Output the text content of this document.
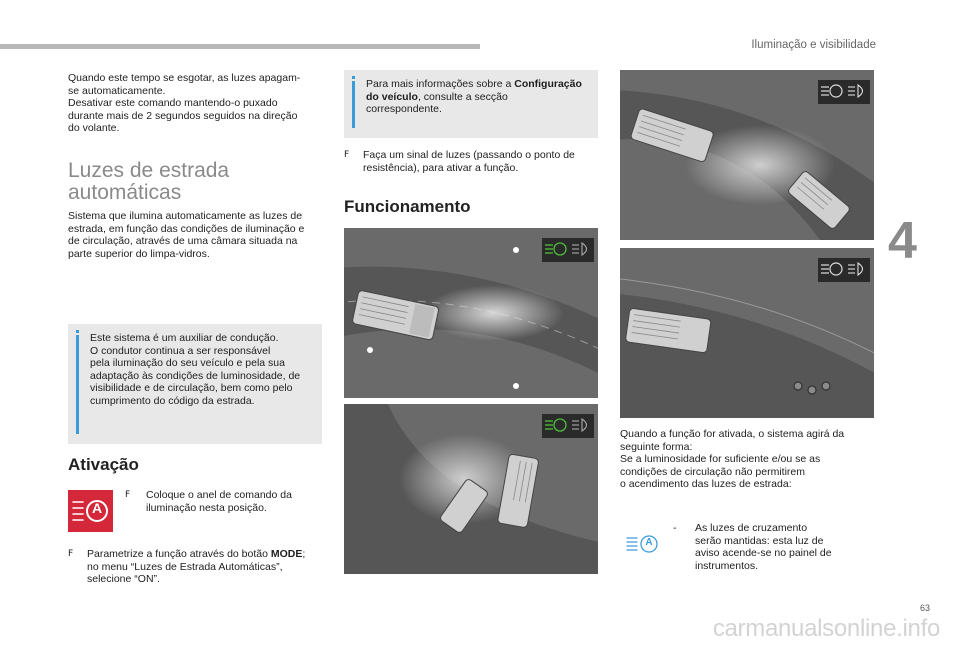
Iluminação e visibilidade
4
Quando este tempo se esgotar, as luzes apagam-
se automaticamente.
Desativar este comando mantendo-o puxado
durante mais de 2 segundos seguidos na direção
do volante.
Luzes de estrada
automáticas
Sistema que ilumina automaticamente as luzes de
estrada, em função das condições de iluminação e
de circulação, através de uma câmara situada na
parte superior do limpa-vidros.
Este sistema é um auxiliar de condução.
O condutor continua a ser responsável
pela iluminação do seu veículo e pela sua
adaptação às condições de luminosidade, de
visibilidade e de circulação, bem como pelo
cumprimento do código da estrada.
Ativação
A
F Coloque o anel de comando da
iluminação nesta posição.
F Parametrize a função através do botão MODE;
no menu “Luzes de Estrada Automáticas”,
selecione “ON”.
Para mais informações sobre a Configuração
do veículo, consulte a secção
correspondente.
F Faça um sinal de luzes (passando o ponto de
resistência), para ativar a função.
Funcionamento
Quando a função for ativada, o sistema agirá da
seguinte forma:
Se a luminosidade for suficiente e/ou se as
condições de circulação não permitirem
o acendimento das luzes de estrada:
A
- As luzes de cruzamento
serão mantidas: esta luz de
aviso acende-se no painel de
instrumentos.
63
carmanualsonline.info
